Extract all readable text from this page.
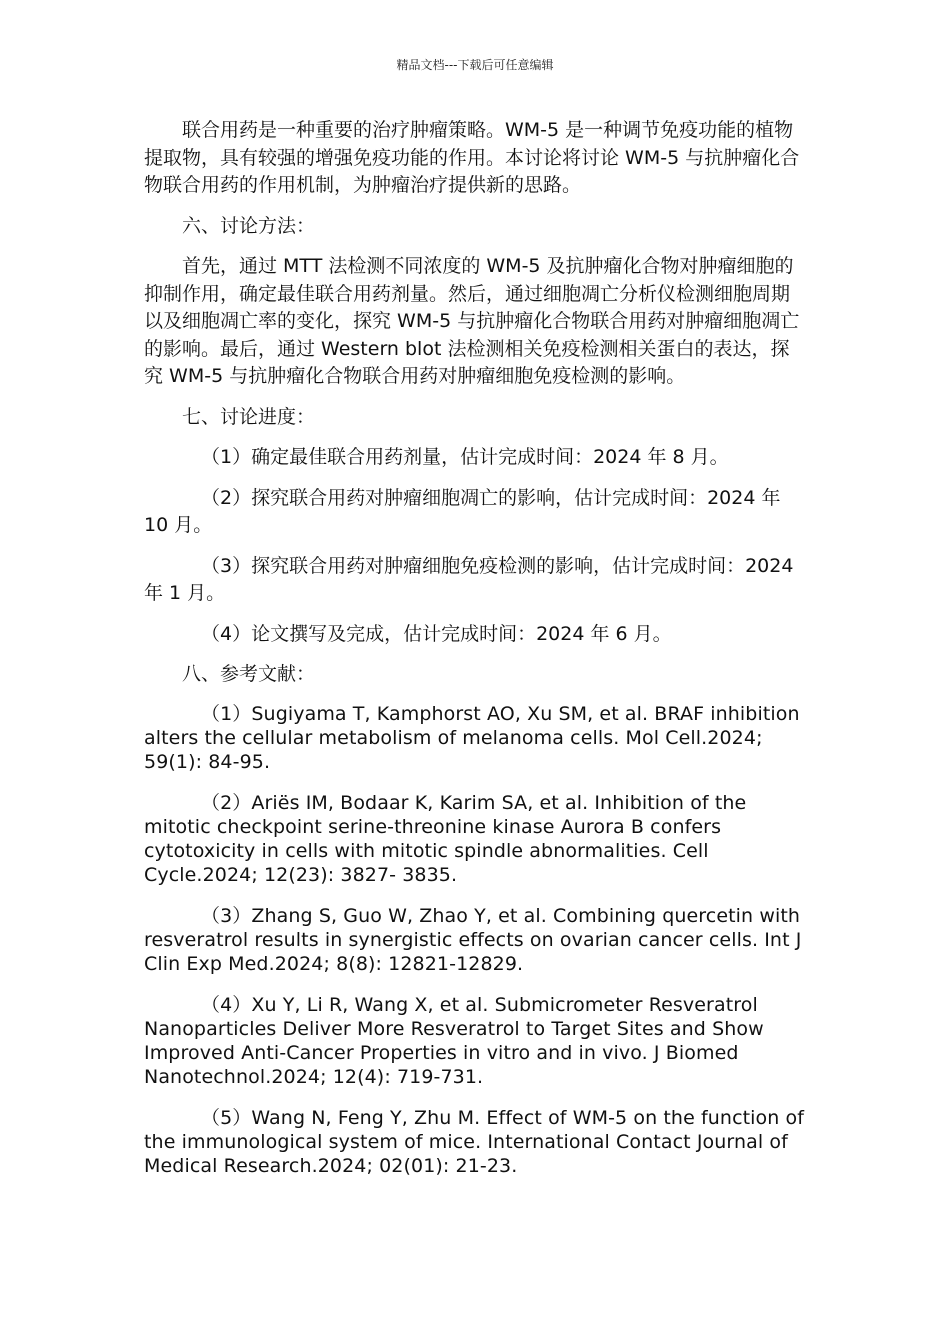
精品文档---下载后可任意编辑

联合用药是一种重要的治疗肿瘤策略。WM-5 是一种调节免疫功能的植物提取物，具有较强的增强免疫功能的作用。本讨论将讨论 WM-5 与抗肿瘤化合物联合用药的作用机制，为肿瘤治疗提供新的思路。

六、讨论方法：

首先，通过 MTT 法检测不同浓度的 WM-5 及抗肿瘤化合物对肿瘤细胞的抑制作用，确定最佳联合用药剂量。然后，通过细胞凋亡分析仪检测细胞周期以及细胞凋亡率的变化，探究 WM-5 与抗肿瘤化合物联合用药对肿瘤细胞凋亡的影响。最后，通过 Western blot 法检测相关免疫检测相关蛋白的表达，探究 WM-5 与抗肿瘤化合物联合用药对肿瘤细胞免疫检测的影响。

七、讨论进度：

（1）确定最佳联合用药剂量，估计完成时间：2024 年 8 月。

（2）探究联合用药对肿瘤细胞凋亡的影响，估计完成时间：2024 年 10 月。

（3）探究联合用药对肿瘤细胞免疫检测的影响，估计完成时间：2024 年 1 月。

（4）论文撰写及完成，估计完成时间：2024 年 6 月。

八、参考文献：

（1）Sugiyama T, Kamphorst AO, Xu SM, et al. BRAF inhibition alters the cellular metabolism of melanoma cells. Mol Cell.2024; 59(1): 84-95.

（2）Ariës IM, Bodaar K, Karim SA, et al. Inhibition of the mitotic checkpoint serine-threonine kinase Aurora B confers cytotoxicity in cells with mitotic spindle abnormalities. Cell Cycle.2024; 12(23): 3827- 3835.

（3）Zhang S, Guo W, Zhao Y, et al. Combining quercetin with resveratrol results in synergistic effects on ovarian cancer cells. Int J Clin Exp Med.2024; 8(8): 12821-12829.

（4）Xu Y, Li R, Wang X, et al. Submicrometer Resveratrol Nanoparticles Deliver More Resveratrol to Target Sites and Show Improved Anti-Cancer Properties in vitro and in vivo. J Biomed Nanotechnol.2024; 12(4): 719-731.

（5）Wang N, Feng Y, Zhu M. Effect of WM-5 on the function of the immunological system of mice. International Contact Journal of Medical Research.2024; 02(01): 21-23.
